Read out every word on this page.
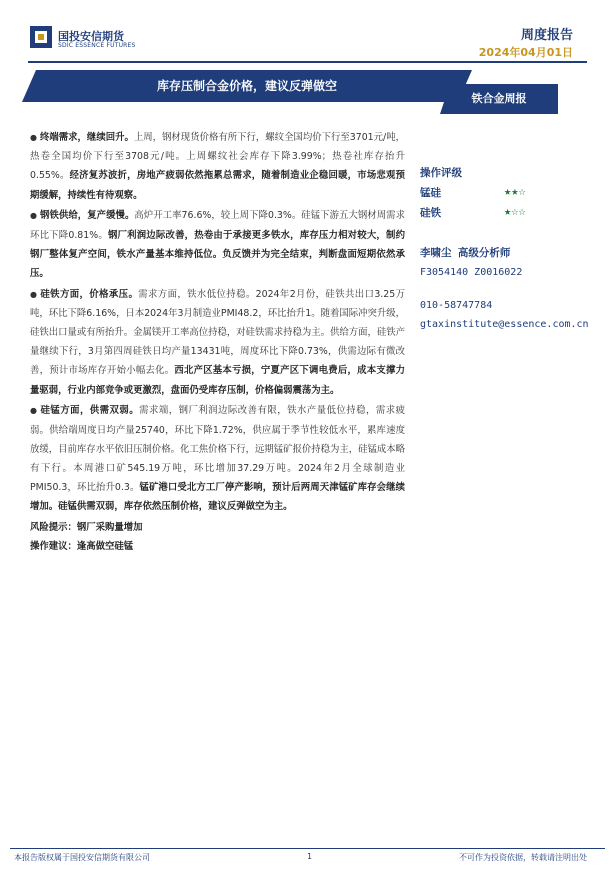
国投安信期货
SDIC ESSENCE FUTURES
周度报告
2024年04月01日
库存压制合金价格，建议反弹做空
铁合金周报

● 终端需求，继续回升。上周，钢材现货价格有所下行，螺纹全国均价下行至3701元/吨，热卷全国均价下行至3708元/吨。上周螺纹社会库存下降3.99%；热卷社库存抬升0.55%。经济复苏波折，房地产疲弱依然拖累总需求，随着制造业企稳回暖，市场悲观预期缓解，持续性有待观察。

● 钢铁供给，复产缓慢。高炉开工率76.6%，较上周下降0.3%。硅锰下游五大钢材周需求环比下降0.81%。钢厂利润边际改善，热卷由于承接更多铁水，库存压力相对较大，制约钢厂整体复产空间，铁水产量基本维持低位。负反馈并为完全结束，判断盘面短期依然承压。

● 硅铁方面，价格承压。需求方面，铁水低位持稳。2024年2月份，硅铁共出口3.25万吨，环比下降6.16%，日本2024年3月制造业PMI48.2，环比抬升1。随着国际冲突升级，硅铁出口量或有所抬升。金属镁开工率高位持稳，对硅铁需求持稳为主。供给方面，硅铁产量继续下行，3月第四周硅铁日均产量13431吨，周度环比下降0.73%，供需边际有微改善，预计市场库存开始小幅去化。西北产区基本亏损，宁夏产区下调电费后，成本支撑力量驱弱，行业内部竞争或更激烈，盘面仍受库存压制，价格偏弱震荡为主。

● 硅锰方面，供需双弱。需求端，钢厂利润边际改善有限，铁水产量低位持稳，需求疲弱。供给端周度日均产量25740，环比下降1.72%，供应属于季节性较低水平，累库速度放缓，目前库存水平依旧压制价格。化工焦价格下行，远期锰矿报价持稳为主，硅锰成本略有下行。本周港口矿545.19万吨，环比增加37.29万吨。2024年2月全球制造业PMI50.3，环比抬升0.3。锰矿港口受北方工厂停产影响，预计后两周天津锰矿库存会继续增加。硅锰供需双弱，库存依然压制价格，建议反弹做空为主。

风险提示：钢厂采购量增加

操作建议：逢高做空硅锰

操作评级
锰硅	★★☆
硅铁	★☆☆
李啸尘 高级分析师
F3054140 Z0016022
010-58747784
gtaxinstitute@essence.com.cn
本报告版权属于国投安信期货有限公司	1	不可作为投资依据，转载请注明出处
